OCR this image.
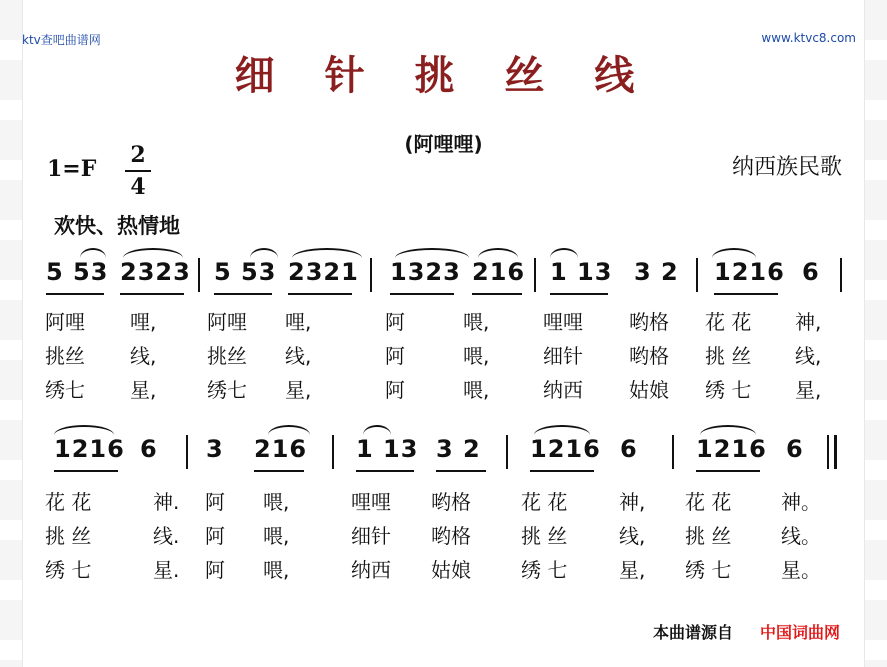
ktv查吧曲谱网	www.ktvc8.com
细 针 挑 丝 线
(阿哩哩)
1=F
2
4
纳西族民歌
欢快、热情地
5 53 2323 5 53 2321 1323 216 1 13 3 2 1216 6
阿哩 哩,	阿哩 哩,	阿	喂,	哩哩 哟格 花 花 神,
挑丝 线,	挑丝 线,	阿	喂,	细针 哟格 挑 丝 线,
绣七 星,	绣七 星,	阿	喂,	纳西 姑娘 绣 七 星,
1216 6 3 216 1 13 3 2 1216 6 1216 6
花 花	神. 阿 喂,	哩哩 哟格	花 花	神, 花 花 神。
挑 丝	线. 阿 喂,	细针 哟格	挑 丝	线, 挑 丝 线。
绣 七	星. 阿 喂,	纳西 姑娘	绣 七	星, 绣 七 星。
本曲谱源自 中国词曲网
